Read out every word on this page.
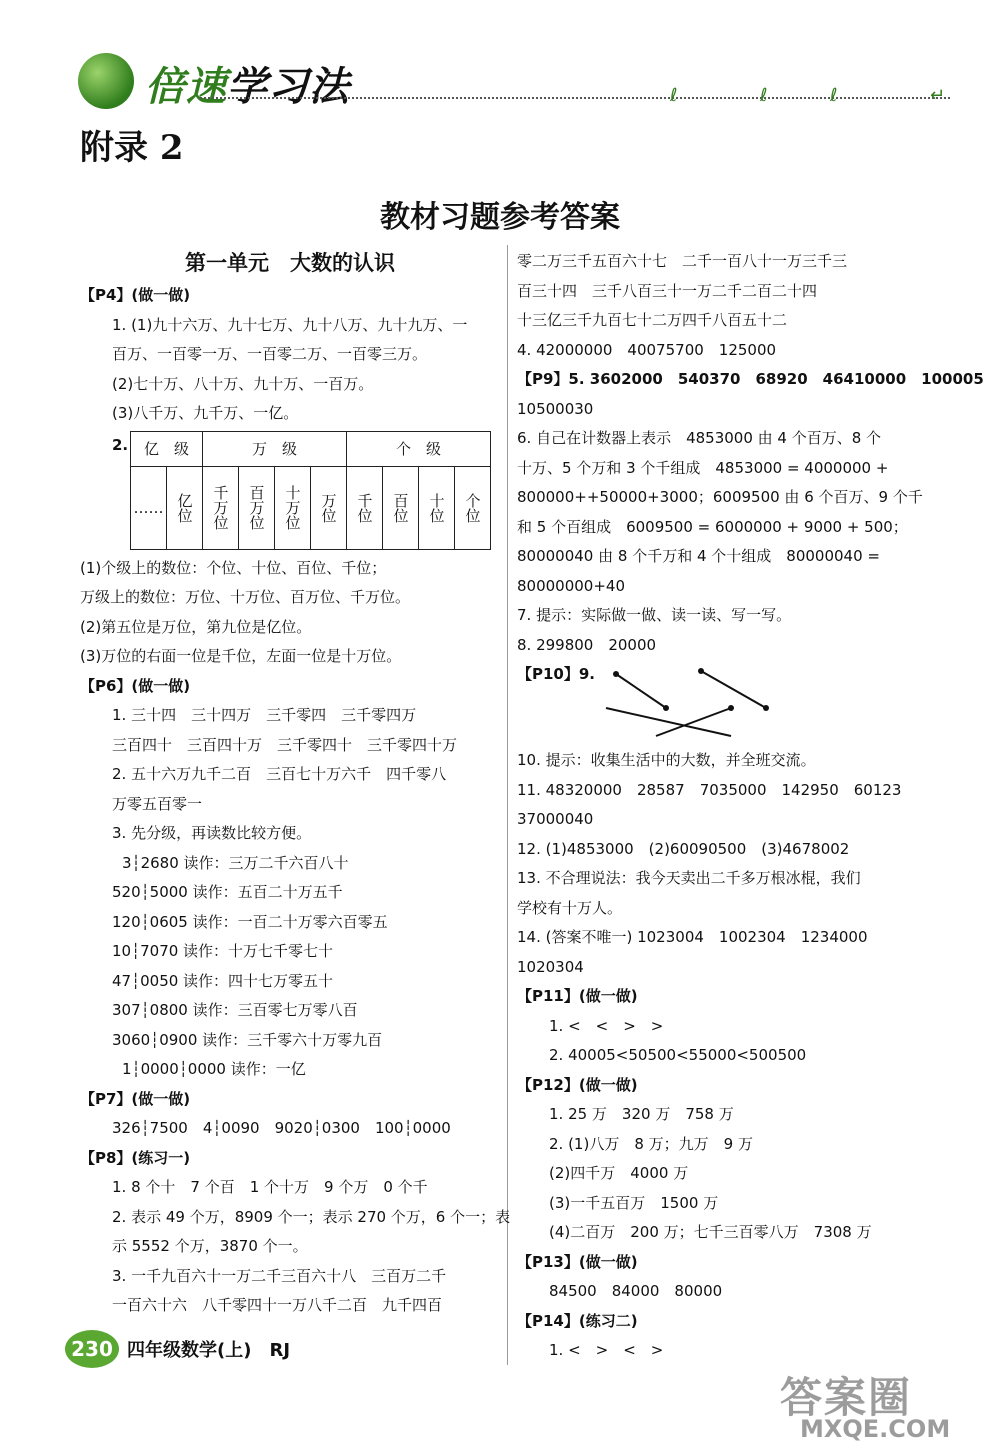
倍速学习法	ℓ	ℓ	ℓ	↵
附录 2
教材习题参考答案
第一单元　大数的认识
【P4】(做一做)
1. (1)九十六万、九十七万、九十八万、九十九万、一
百万、一百零一万、一百零二万、一百零三万。
(2)七十万、八十万、九十万、一百万。
(3)八千万、九千万、一亿。
2. 亿　级		万　级				个　级			
……	亿位	千万位	百万位	十万位	万位	千位	百位	十位	个位
(1)个级上的数位：个位、十位、百位、千位；
万级上的数位：万位、十万位、百万位、千万位。
(2)第五位是万位，第九位是亿位。
(3)万位的右面一位是千位，左面一位是十万位。
【P6】(做一做)
1. 三十四　三十四万　三千零四　三千零四万
三百四十　三百四十万　三千零四十　三千零四十万
2. 五十六万九千二百　三百七十万六千　四千零八
万零五百零一
3. 先分级，再读数比较方便。
3┆2680 读作：三万二千六百八十
520┆5000 读作：五百二十万五千
120┆0605 读作：一百二十万零六百零五
10┆7070 读作：十万七千零七十
47┆0050 读作：四十七万零五十
307┆0800 读作：三百零七万零八百
3060┆0900 读作：三千零六十万零九百
1┆0000┆0000 读作：一亿
【P7】(做一做)
326┆7500　4┆0090　9020┆0300　100┆0000
【P8】(练习一)
1. 8 个十　7 个百　1 个十万　9 个万　0 个千
2. 表示 49 个万，8909 个一；表示 270 个万，6 个一；表
示 5552 个万，3870 个一。
3. 一千九百六十一万二千三百六十八　三百万二千
一百六十六　八千零四十一万八千二百　九千四百
零二万三千五百六十七　二千一百八十一万三千三
百三十四　三千八百三十一万二千二百二十四
十三亿三千九百七十二万四千八百五十二
4. 42000000　40075700　125000
【P9】5. 3602000　540370　68920　46410000　100005
10500030
6. 自己在计数器上表示　4853000 由 4 个百万、8 个
十万、5 个万和 3 个千组成　4853000 = 4000000 +
800000++50000+3000；6009500 由 6 个百万、9 个千
和 5 个百组成　6009500 = 6000000 + 9000 + 500；
80000040 由 8 个千万和 4 个十组成　80000040 =
80000000+40
7. 提示：实际做一做、读一读、写一写。
8. 299800　20000
【P10】9.
10. 提示：收集生活中的大数，并全班交流。
11. 48320000　28587　7035000　142950　60123
37000040
12. (1)4853000　(2)60090500　(3)4678002
13. 不合理说法：我今天卖出二千多万根冰棍，我们
学校有十万人。
14. (答案不唯一) 1023004　1002304　1234000
1020304
【P11】(做一做)
1. <　<　>　>
2. 40005<50500<55000<500500
【P12】(做一做)
1. 25 万　320 万　758 万
2. (1)八万　8 万；九万　9 万
(2)四千万　4000 万
(3)一千五百万　1500 万
(4)二百万　200 万；七千三百零八万　7308 万
【P13】(做一做)
84500　84000　80000
【P14】(练习二)
1. <　>　<　>
230 四年级数学(上)　RJ
答案圈
MXQE.COM
